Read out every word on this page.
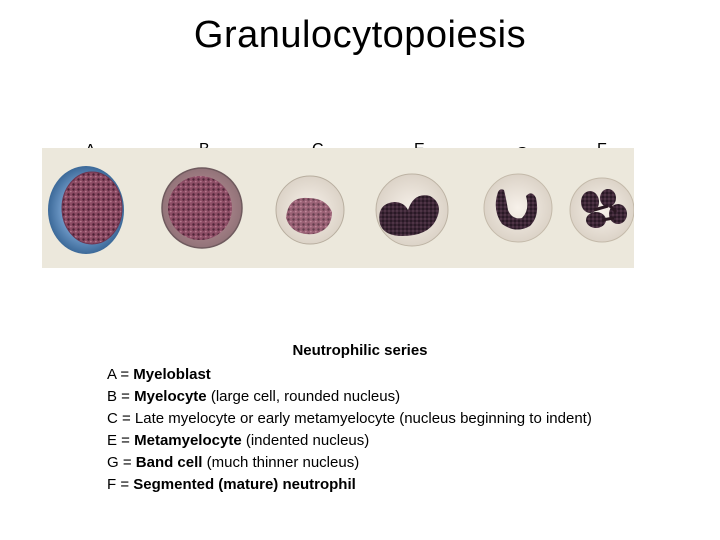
Granulocytopoiesis
Neutrophilic series
A = Myeloblast
B = Myelocyte (large cell, rounded nucleus)
C = Late myelocyte or early metamyelocyte (nucleus beginning to indent)
E = Metamyelocyte (indented nucleus)
G = Band cell (much thinner nucleus)
F = Segmented (mature) neutrophil
